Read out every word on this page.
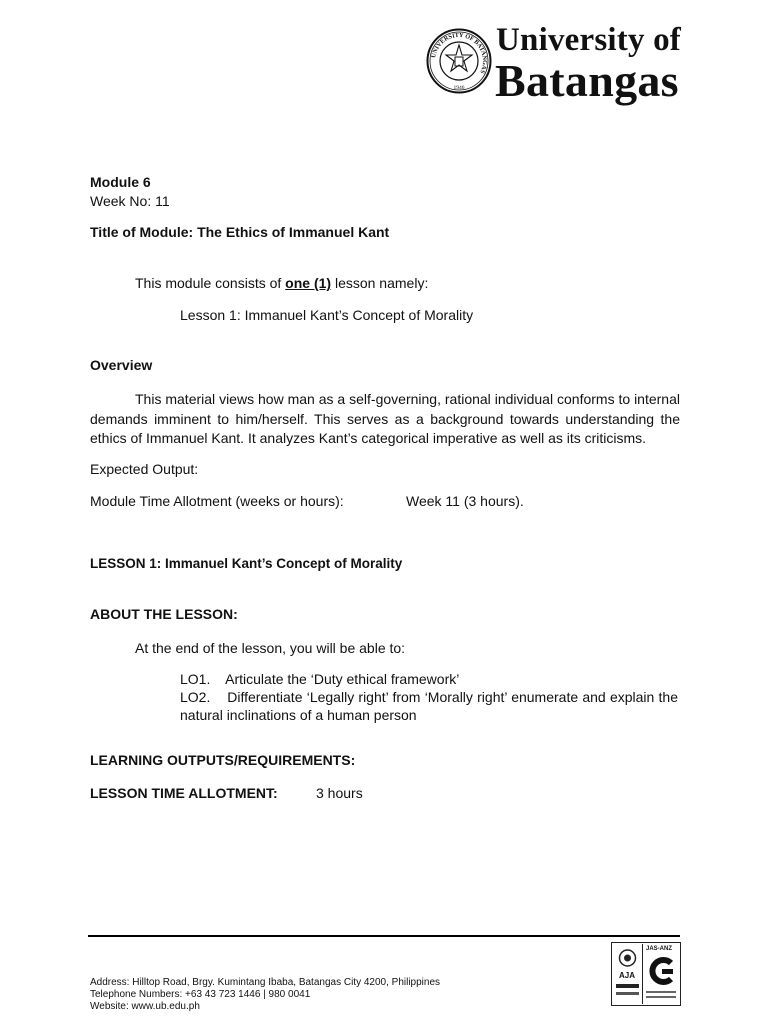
UNIVERSITY OF BATANGAS
1946
University of
Batangas
Module 6
Week No: 11
Title of Module: The Ethics of Immanuel Kant
This module consists of one (1) lesson namely:
Lesson 1: Immanuel Kant’s Concept of Morality
Overview
This material views how man as a self-governing, rational individual conforms to internal demands imminent to him/herself. This serves as a background towards understanding the ethics of Immanuel Kant. It analyzes Kant’s categorical imperative as well as its criticisms.
Expected Output:
Module Time Allotment (weeks or hours):	Week 11 (3 hours).
LESSON 1: Immanuel Kant’s Concept of Morality
ABOUT THE LESSON:
At the end of the lesson, you will be able to:
LO1.    Articulate the ‘Duty ethical framework’
LO2.    Differentiate ‘Legally right’ from ‘Morally right’ enumerate and explain the natural inclinations of a human person
LEARNING OUTPUTS/REQUIREMENTS:
LESSON TIME ALLOTMENT:	3 hours
Address: Hilltop Road, Brgy. Kumintang Ibaba, Batangas City 4200, Philippines
Telephone Numbers: +63 43 723 1446 | 980 0041
Website: www.ub.edu.ph
AJA
JAS-ANZ
